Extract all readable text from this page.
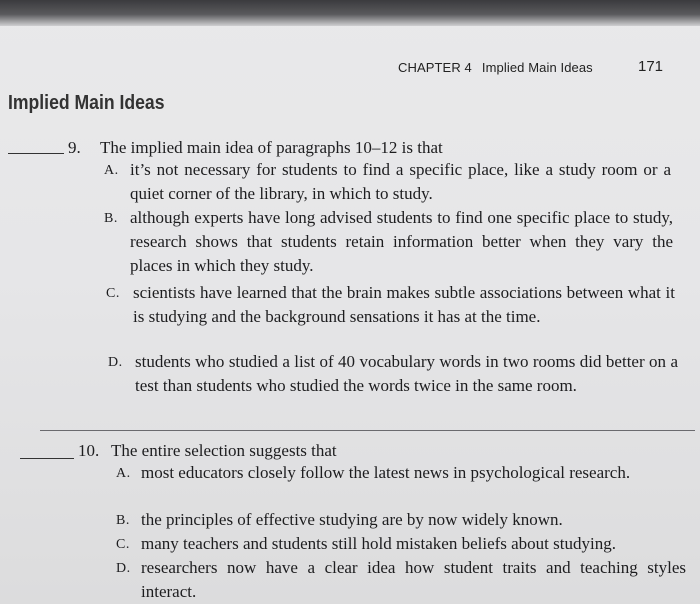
CHAPTER 4 Implied Main Ideas	171
Implied Main Ideas
9. The implied main idea of paragraphs 10–12 is that
A. it’s not necessary for students to find a specific place, like a study room or a quiet corner of the library, in which to study.
B. although experts have long advised students to find one specific place to study, research shows that students retain information better when they vary the places in which they study.
C. scientists have learned that the brain makes subtle associations between what it is studying and the background sensations it has at the time.
D. students who studied a list of 40 vocabulary words in two rooms did better on a test than students who studied the words twice in the same room.
10. The entire selection suggests that
A. most educators closely follow the latest news in psychological research.
B. the principles of effective studying are by now widely known.
C. many teachers and students still hold mistaken beliefs about studying.
D. researchers now have a clear idea how student traits and teaching styles interact.
